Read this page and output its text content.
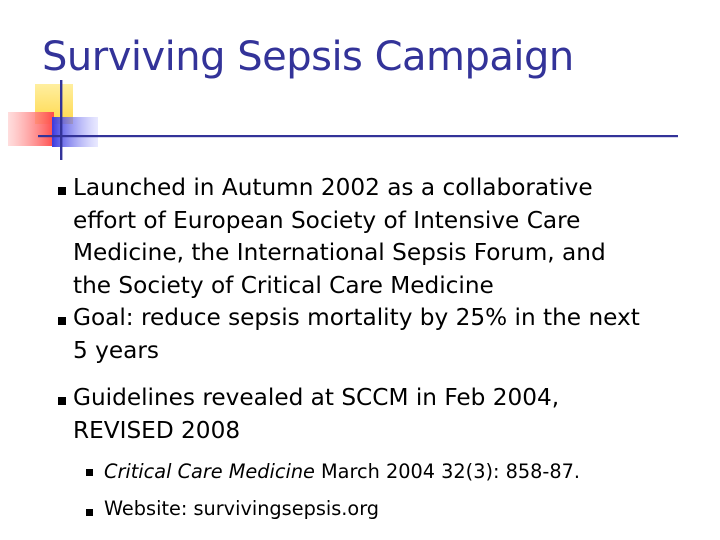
Surviving Sepsis Campaign
Launched in Autumn 2002 as a collaborative
effort of European Society of Intensive Care
Medicine, the International Sepsis Forum, and
the Society of Critical Care Medicine
Goal: reduce sepsis mortality by 25% in the next
5 years
Guidelines revealed at SCCM in Feb 2004,
REVISED 2008
Critical Care Medicine March 2004 32(3): 858-87.
Website: survivingsepsis.org
